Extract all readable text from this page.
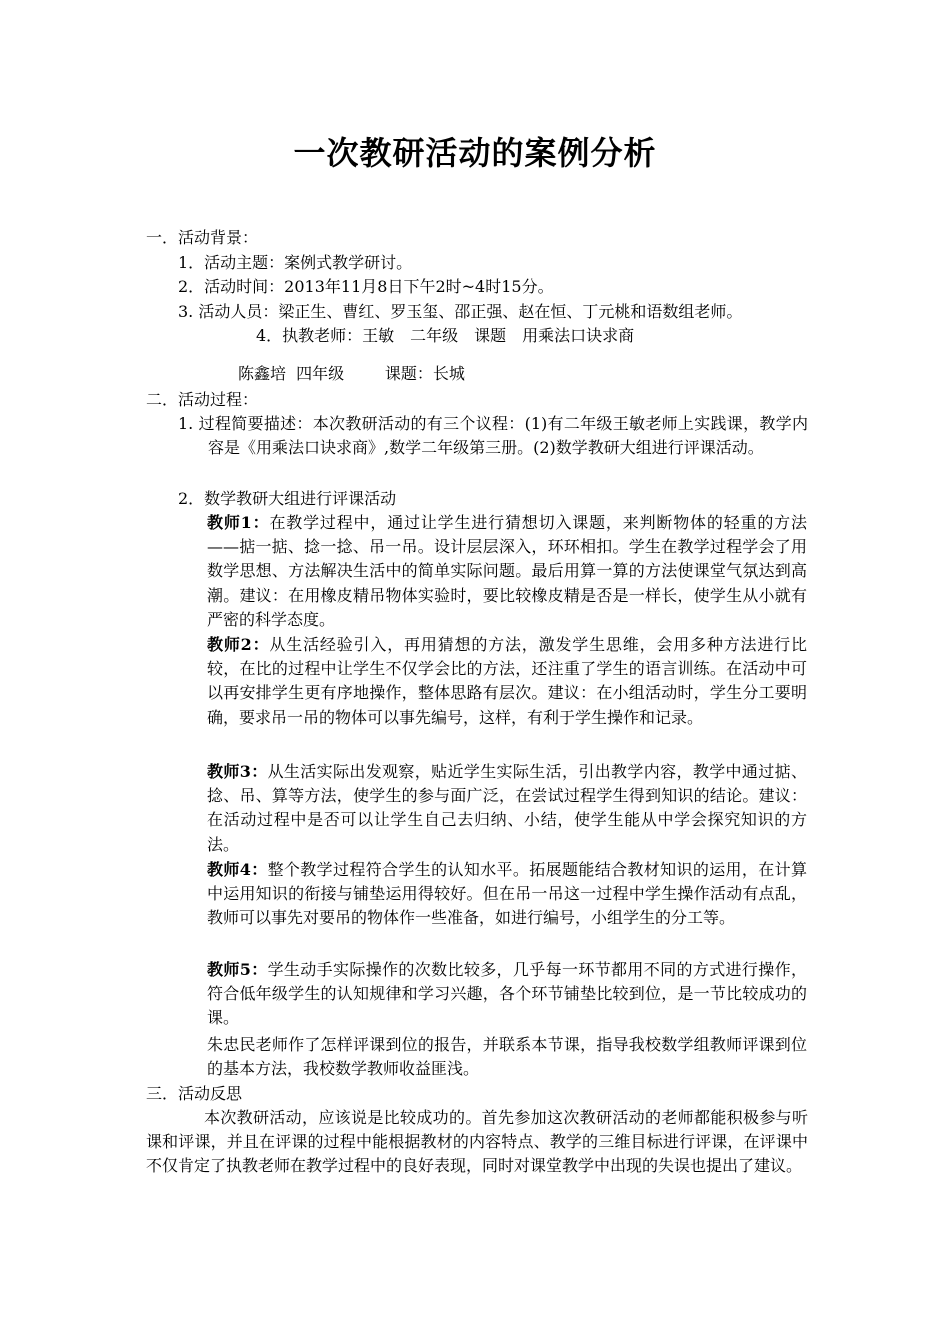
一次教研活动的案例分析
一．活动背景：
1．活动主题：案例式教学研讨。
2．活动时间：2013年11月8日下午2时~4时15分。
3. 活动人员：梁正生、曹红、罗玉玺、邵正强、赵在恒、丁元桃和语数组老师。
4．执教老师：王敏　二年级　课题　用乘法口诀求商
陈鑫培  四年级        课题：长城
二．活动过程：
1. 过程简要描述：本次教研活动的有三个议程：(1)有二年级王敏老师上实践课，教学内容是《用乘法口诀求商》,数学二年级第三册。(2)数学教研大组进行评课活动。
2．数学教研大组进行评课活动
教师1：在教学过程中，通过让学生进行猜想切入课题，来判断物体的轻重的方法——掂一掂、捻一捻、吊一吊。设计层层深入，环环相扣。学生在教学过程学会了用数学思想、方法解决生活中的简单实际问题。最后用算一算的方法使课堂气氛达到高潮。建议：在用橡皮精吊物体实验时，要比较橡皮精是否是一样长，使学生从小就有严密的科学态度。
教师2：从生活经验引入，再用猜想的方法，激发学生思维，会用多种方法进行比较，在比的过程中让学生不仅学会比的方法，还注重了学生的语言训练。在活动中可以再安排学生更有序地操作，整体思路有层次。建议：在小组活动时，学生分工要明确，要求吊一吊的物体可以事先编号，这样，有利于学生操作和记录。
教师3：从生活实际出发观察，贴近学生实际生活，引出教学内容，教学中通过掂、捻、吊、算等方法，使学生的参与面广泛，在尝试过程学生得到知识的结论。建议：在活动过程中是否可以让学生自己去归纳、小结，使学生能从中学会探究知识的方法。
教师4：整个教学过程符合学生的认知水平。拓展题能结合教材知识的运用，在计算中运用知识的衔接与铺垫运用得较好。但在吊一吊这一过程中学生操作活动有点乱，教师可以事先对要吊的物体作一些准备，如进行编号，小组学生的分工等。
教师5：学生动手实际操作的次数比较多，几乎每一环节都用不同的方式进行操作，符合低年级学生的认知规律和学习兴趣，各个环节铺垫比较到位，是一节比较成功的课。
朱忠民老师作了怎样评课到位的报告，并联系本节课，指导我校数学组教师评课到位的基本方法，我校数学教师收益匪浅。
三．活动反思
本次教研活动，应该说是比较成功的。首先参加这次教研活动的老师都能积极参与听课和评课，并且在评课的过程中能根据教材的内容特点、教学的三维目标进行评课，在评课中不仅肯定了执教老师在教学过程中的良好表现，同时对课堂教学中出现的失误也提出了建议。
